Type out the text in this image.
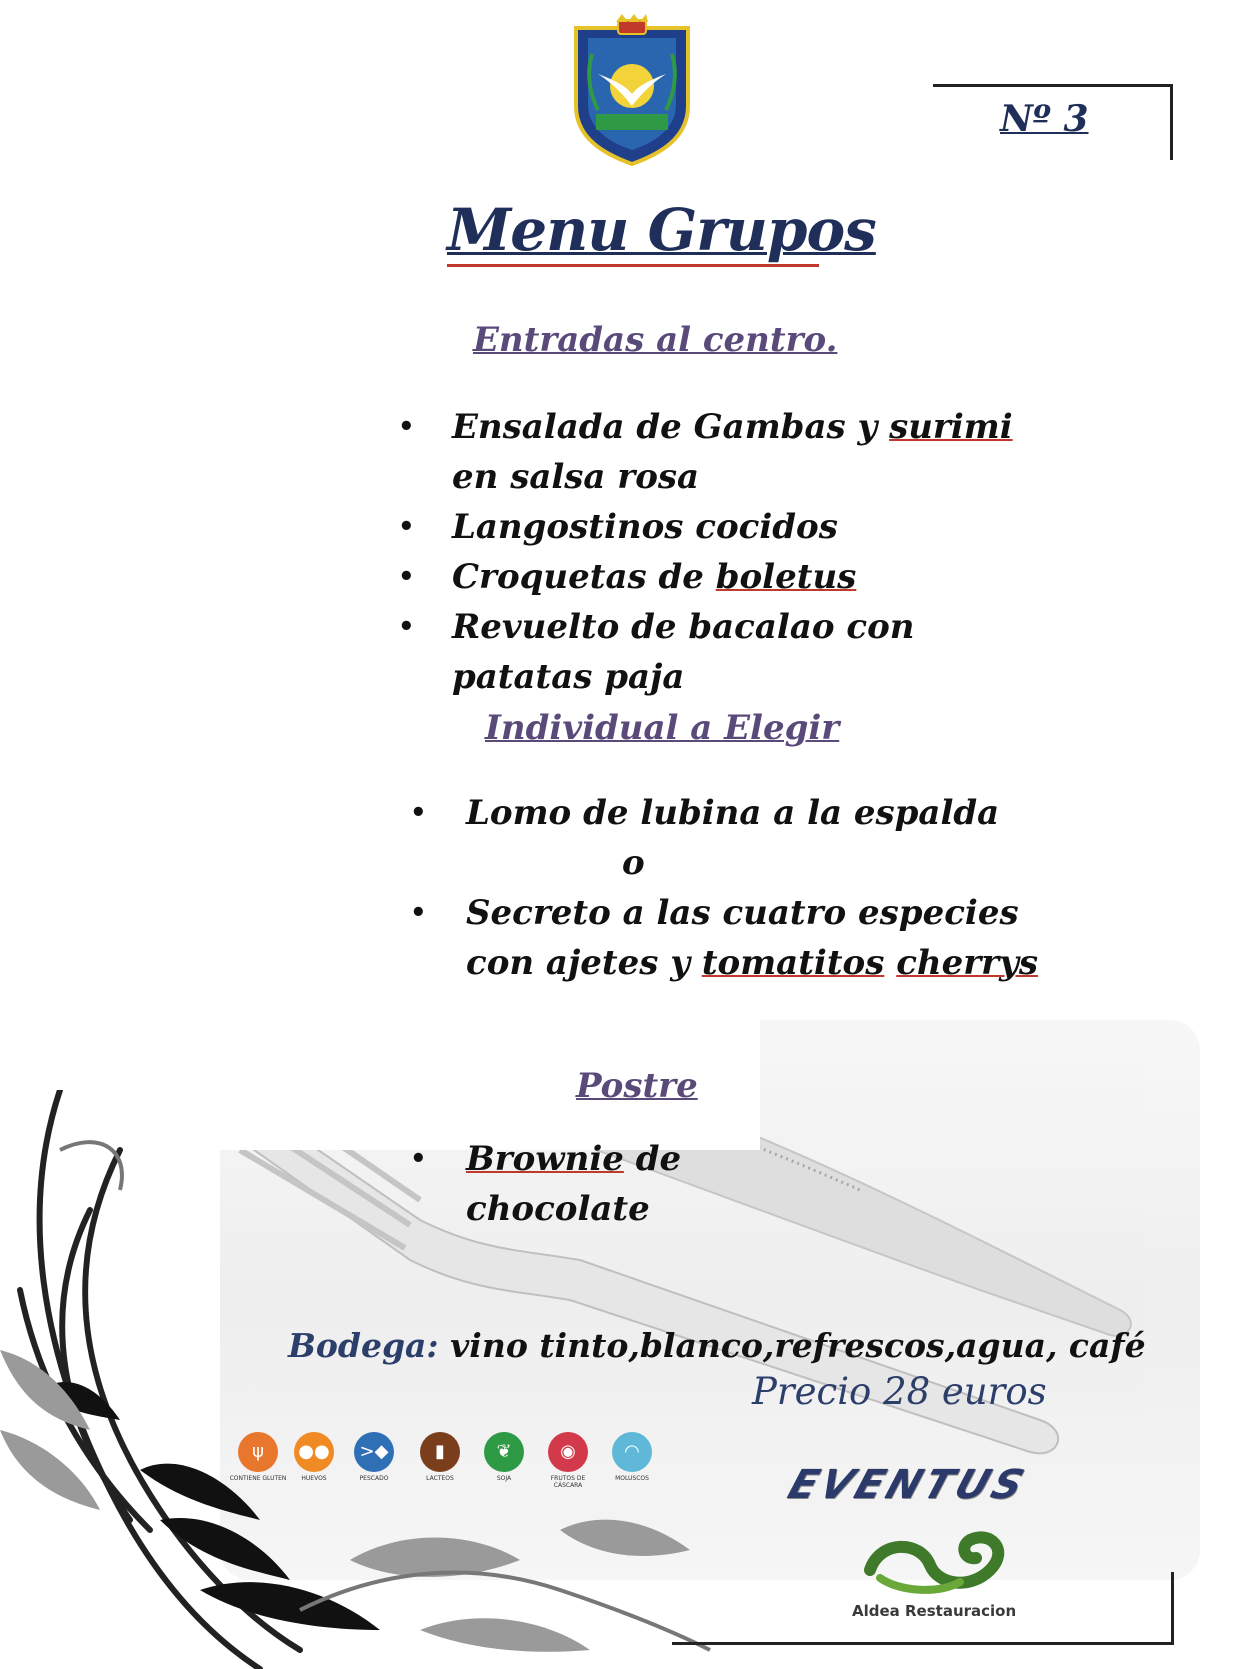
Nº 3
Menu Grupos
Entradas al centro.
• Ensalada de Gambas y surimi
en salsa rosa
• Langostinos cocidos
• Croquetas de boletus
• Revuelto de bacalao con
patatas paja
Individual a Elegir
• Lomo de lubina a la espalda
o
• Secreto a las cuatro especies
con ajetes y tomatitos cherrys
Postre
• Brownie de
chocolate
Bodega: vino tinto,blanco,refrescos,agua, café
Precio 28 euros
ψ
CONTIENE GLUTEN
●●
HUEVOS
>◆
PESCADO
▮
LACTEOS
❦
SOJA
◉
FRUTOS DE CÁSCARA
◠
MOLUSCOS	EVENTUS
Aldea Restauracion
